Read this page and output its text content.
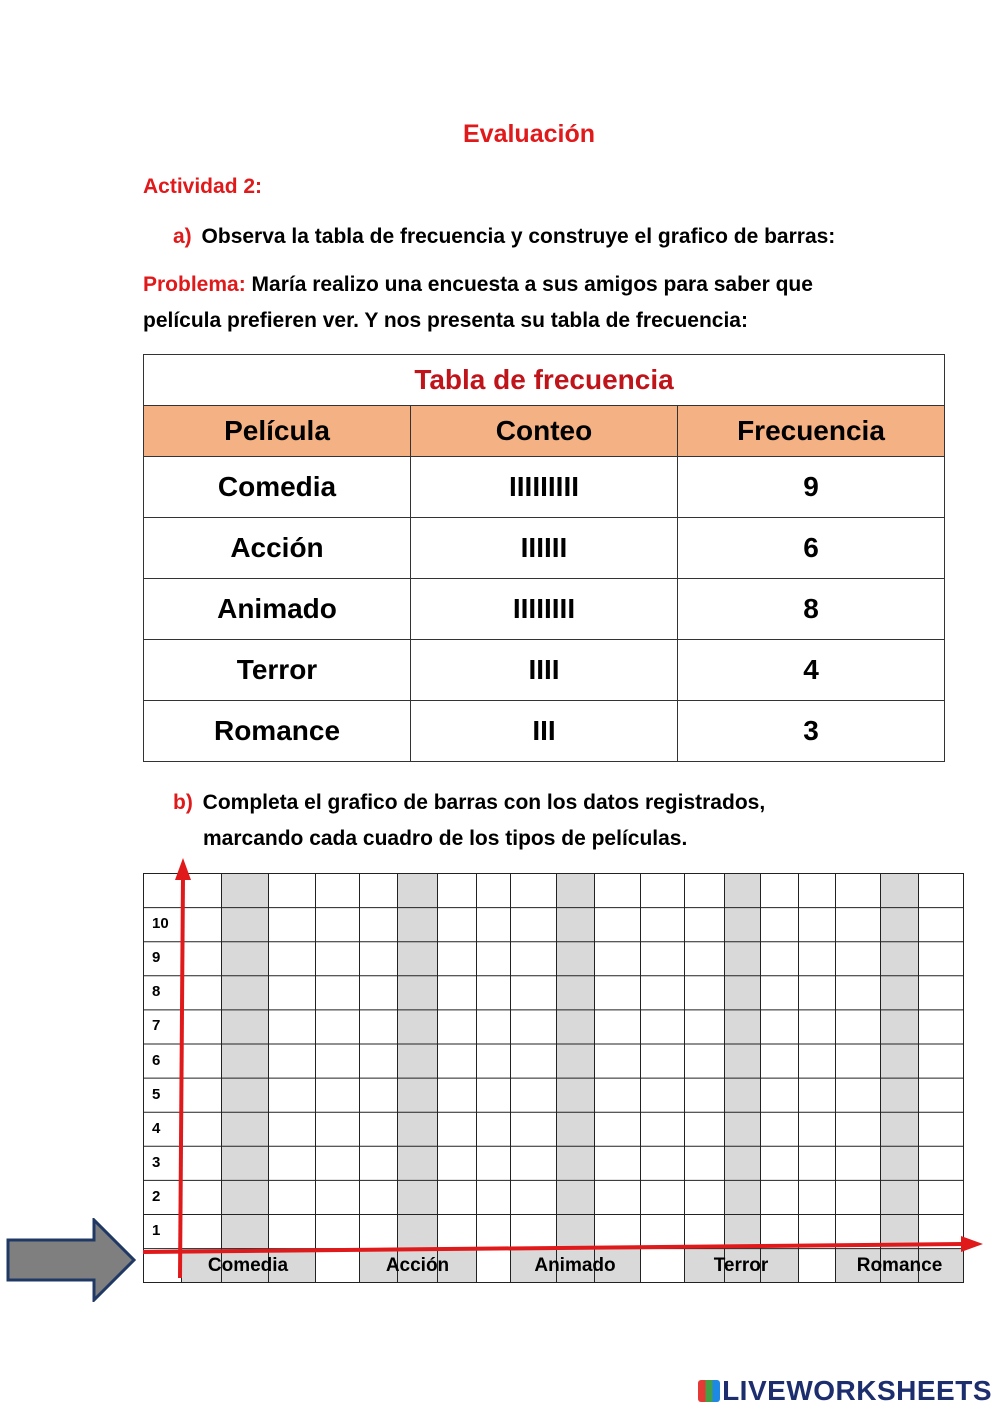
Evaluación
Actividad 2:
a) Observa la tabla de frecuencia y construye el grafico de barras:
Problema: María realizo una encuesta a sus amigos para saber que
película prefieren ver. Y nos presenta su tabla de frecuencia:
Tabla de frecuencia		
Película	Conteo	Frecuencia
Comedia	IIIIIIIII	9
Acción	IIIIII	6
Animado	IIIIIIII	8
Terror	IIII	4
Romance	III	3
b) Completa el grafico de barras con los datos registrados,
marcando cada cuadro de los tipos de películas.
1
2
3
4
5
6
7
8
9
10
Comedia	Acción	Animado	Terror	Romance
LIVEWORKSHEETS
